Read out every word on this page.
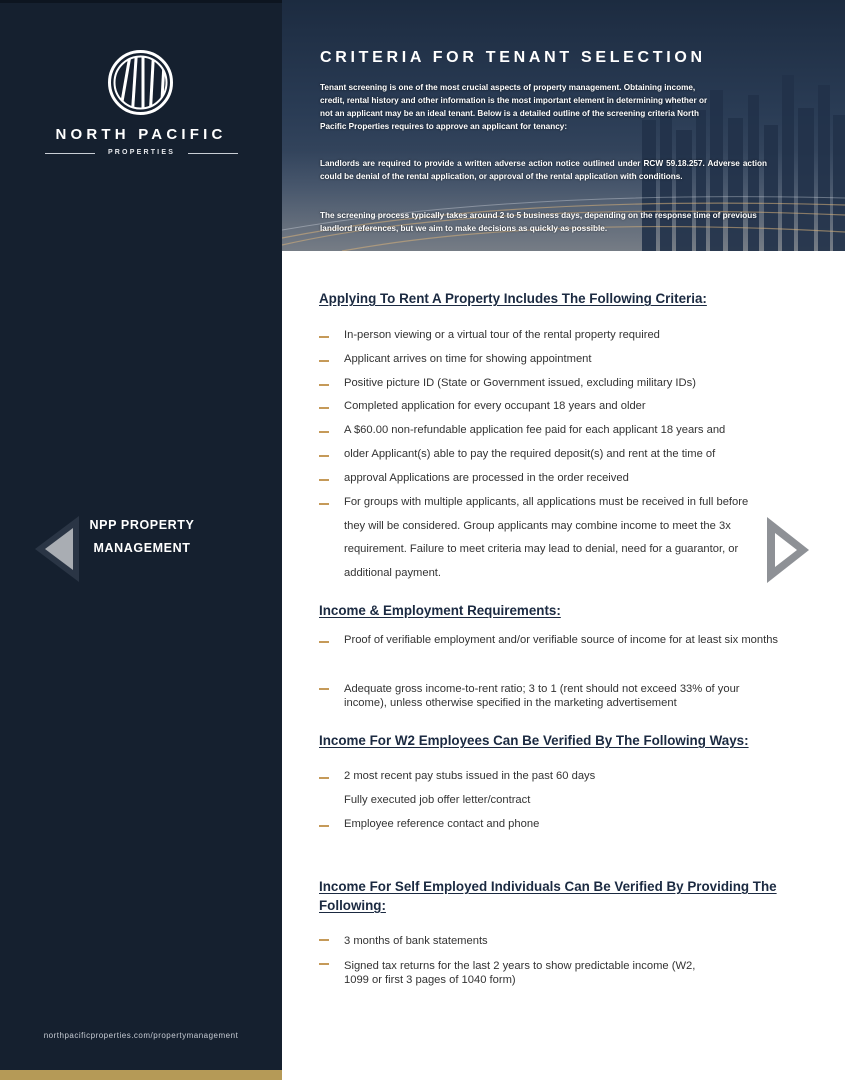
NORTH PACIFIC
PROPERTIES
NPP PROPERTY
MANAGEMENT
northpacificproperties.com/propertymanagement
CRITERIA FOR TENANT SELECTION
Tenant screening is one of the most crucial aspects of property management. Obtaining income, credit, rental history and other information is the most important element in determining whether or not an applicant may be an ideal tenant. Below is a detailed outline of the screening criteria North Pacific Properties requires to approve an applicant for tenancy:
Landlords are required to provide a written adverse action notice outlined under RCW 59.18.257. Adverse action could be denial of the rental application, or approval of the rental application with conditions.
The screening process typically takes around 2 to 5 business days, depending on the response time of previous landlord references, but we aim to make decisions as quickly as possible.
Applying To Rent A Property Includes The Following Criteria:
In-person viewing or a virtual tour of the rental property required
Applicant arrives on time for showing appointment
Positive picture ID (State or Government issued, excluding military IDs)
Completed application for every occupant 18 years and older
A $60.00 non-refundable application fee paid for each applicant 18 years and
older Applicant(s) able to pay the required deposit(s) and rent at the time of
approval Applications are processed in the order received
For groups with multiple applicants, all applications must be received in full before they will be considered. Group applicants may combine income to meet the 3x requirement. Failure to meet criteria may lead to denial, need for a guarantor, or additional payment.
Income & Employment Requirements:
Proof of verifiable employment and/or verifiable source of income for at least six months
Adequate gross income-to-rent ratio; 3 to 1 (rent should not exceed 33% of your income), unless otherwise specified in the marketing advertisement
Income For W2 Employees Can Be Verified By The Following Ways:
2 most recent pay stubs issued in the past 60 days
Fully executed job offer letter/contract
Employee reference contact and phone
Income For Self Employed Individuals Can Be Verified By Providing The Following:
3 months of bank statements
Signed tax returns for the last 2 years to show predictable income (W2, 1099 or first 3 pages of 1040 form)
